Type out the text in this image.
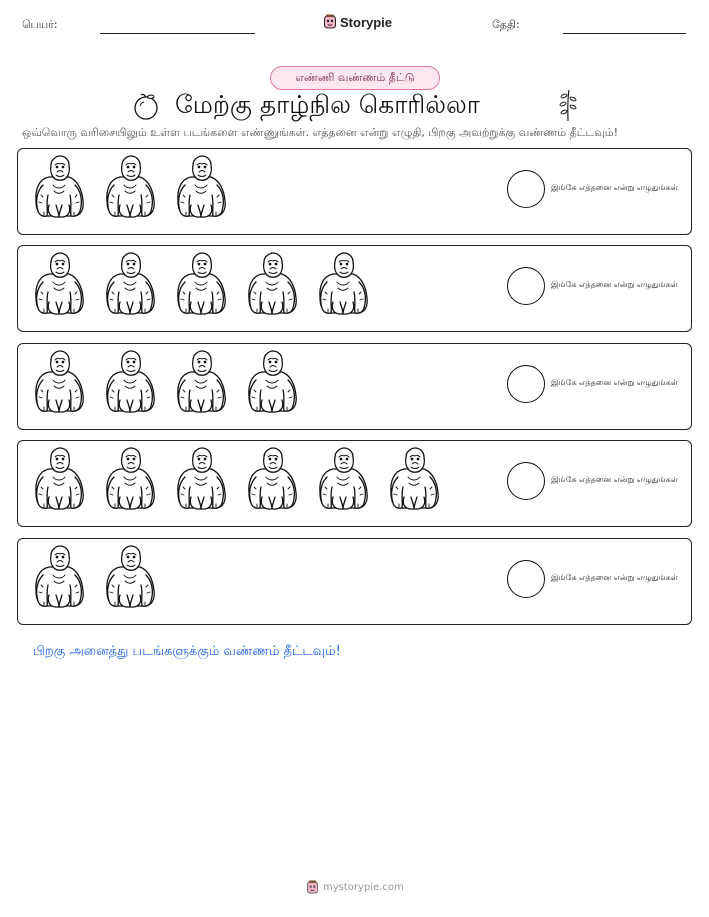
பெயர்:	Storypie	தேதி:
எண்ணி வண்ணம் தீட்டு
மேற்கு தாழ்நில கொரில்லா
ஒவ்வொரு வரிசையிலும் உள்ள படங்களை எண்ணுங்கள். எத்தனை என்று எழுதி, பிறகு அவற்றுக்கு வண்ணம் தீட்டவும்!
இங்கே எத்தனை என்று எழுதுங்கள்
இங்கே எத்தனை என்று எழுதுங்கள்
இங்கே எத்தனை என்று எழுதுங்கள்
இங்கே எத்தனை என்று எழுதுங்கள்
இங்கே எத்தனை என்று எழுதுங்கள்
பிறகு அனைத்து படங்களுக்கும் வண்ணம் தீட்டவும்!
mystorypie.com
